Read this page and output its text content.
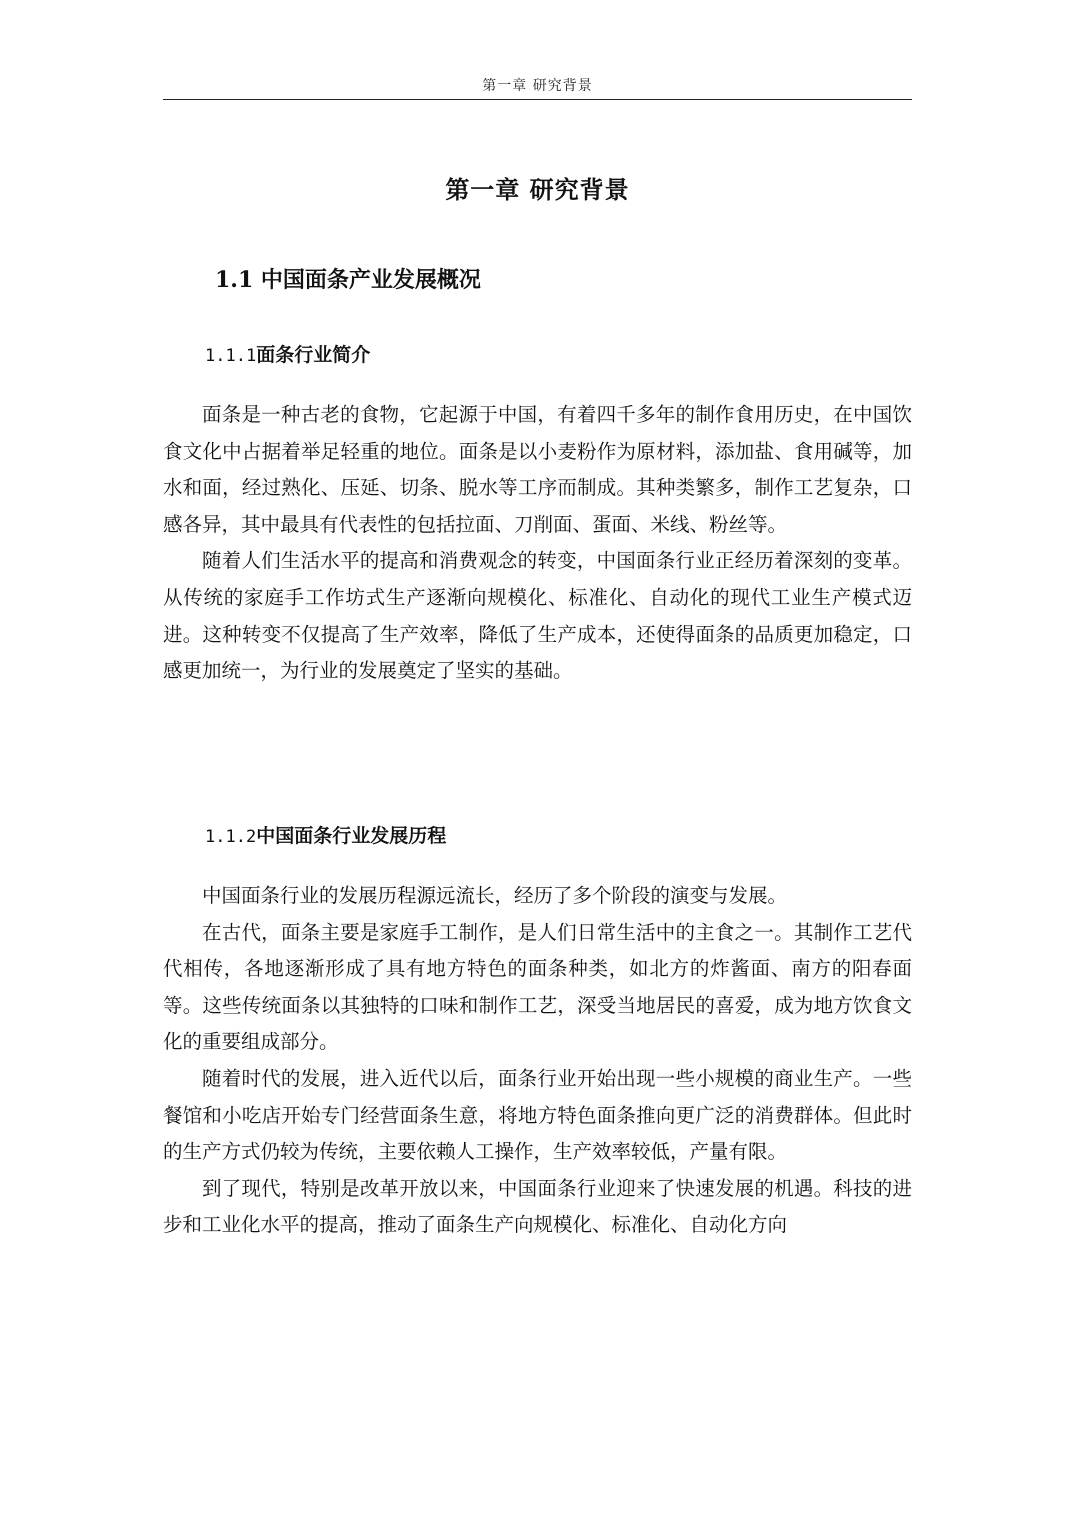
第一章 研究背景
第一章 研究背景
1.1 中国面条产业发展概况
1.1.1面条行业简介

面条是一种古老的食物，它起源于中国，有着四千多年的制作食用历史，在中国饮食文化中占据着举足轻重的地位。面条是以小麦粉作为原材料，添加盐、食用碱等，加水和面，经过熟化、压延、切条、脱水等工序而制成。其种类繁多，制作工艺复杂，口感各异，其中最具有代表性的包括拉面、刀削面、蛋面、米线、粉丝等。

随着人们生活水平的提高和消费观念的转变，中国面条行业正经历着深刻的变革。从传统的家庭手工作坊式生产逐渐向规模化、标准化、自动化的现代工业生产模式迈进。这种转变不仅提高了生产效率，降低了生产成本，还使得面条的品质更加稳定，口感更加统一，为行业的发展奠定了坚实的基础。

1.1.2中国面条行业发展历程

中国面条行业的发展历程源远流长，经历了多个阶段的演变与发展。

在古代，面条主要是家庭手工制作，是人们日常生活中的主食之一。其制作工艺代代相传，各地逐渐形成了具有地方特色的面条种类，如北方的炸酱面、南方的阳春面等。这些传统面条以其独特的口味和制作工艺，深受当地居民的喜爱，成为地方饮食文化的重要组成部分。

随着时代的发展，进入近代以后，面条行业开始出现一些小规模的商业生产。一些餐馆和小吃店开始专门经营面条生意，将地方特色面条推向更广泛的消费群体。但此时的生产方式仍较为传统，主要依赖人工操作，生产效率较低，产量有限。

到了现代，特别是改革开放以来，中国面条行业迎来了快速发展的机遇。科技的进步和工业化水平的提高，推动了面条生产向规模化、标准化、自动化方向
